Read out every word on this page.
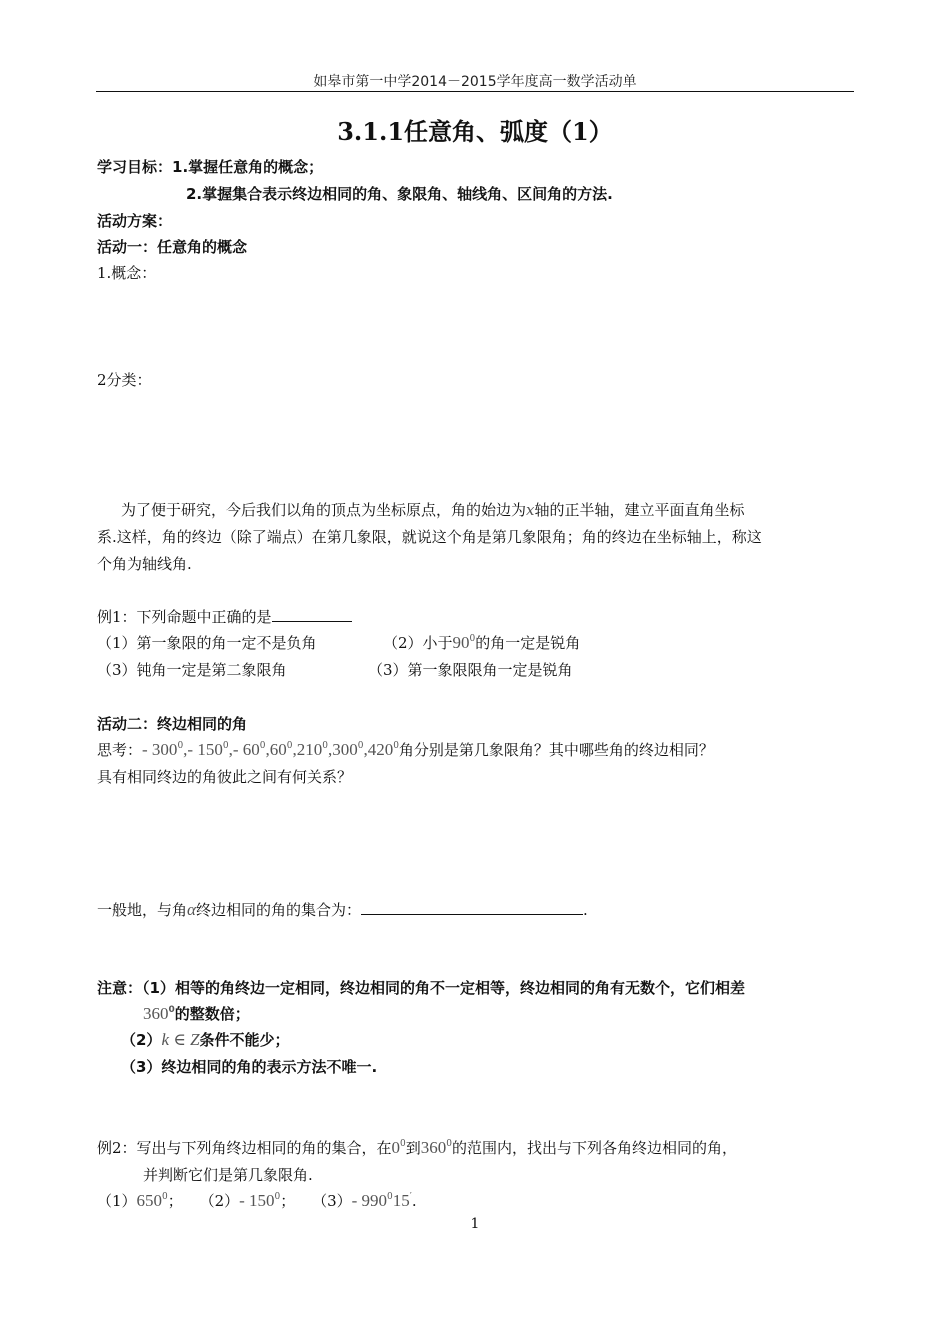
如皋市第一中学2014－2015学年度高一数学活动单
3.1.1任意角、弧度（1）
学习目标：1.掌握任意角的概念；
2.掌握集合表示终边相同的角、象限角、轴线角、区间角的方法.
活动方案：
活动一：任意角的概念
1.概念：
2分类：
为了便于研究，今后我们以角的顶点为坐标原点，角的始边为x轴的正半轴，建立平面直角坐标
系.这样，角的终边（除了端点）在第几象限，就说这个角是第几象限角；角的终边在坐标轴上，称这
个角为轴线角.
例1：下列命题中正确的是
（1）第一象限的角一定不是负角	（2）小于$90^0$的角一定是锐角
（3）钝角一定是第二象限角	（3）第一象限限角一定是锐角
活动二：终边相同的角
思考：- $300^0,-$ $150^0,-$ $60^0,60^0,210^0,300^0,420^0$角分别是第几象限角？其中哪些角的终边相同？
具有相同终边的角彼此之间有何关系？
一般地，与角α终边相同的角的集合为：	.
注意：（1）相等的角终边一定相同，终边相同的角不一定相等，终边相同的角有无数个，它们相差
$360^0$的整数倍；
（2）k ∈ Z条件不能少；
（3）终边相同的角的表示方法不唯一.
例2：写出与下列角终边相同的角的集合，在$0^0$到$360^0$的范围内，找出与下列各角终边相同的角，
并判断它们是第几象限角.
$(1)650^0$； （2）- $150^0$； （3）- $990^015'$.
1
